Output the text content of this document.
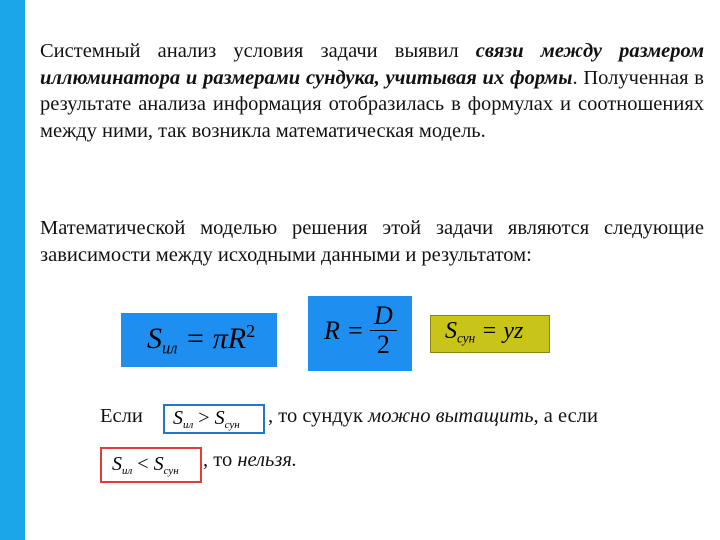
Системный анализ условия задачи выявил связи между размером иллюминатора и размерами сундука, учитывая их формы. Полученная в результате анализа информация отобразилась в формулах и соотношениях между ними, так возникла математическая модель.
Математической моделью решения этой задачи являются следующие зависимости между исходными данными и результатом:
$S_{ил} = \pi R^2$	$R = \frac{D}{2} S_{сун}$ = yz
Если $S_{ил} > S_{сун}$ , то сундук можно вытащить, а если
$S_{ил} < S_{сун}$ , то нельзя.
